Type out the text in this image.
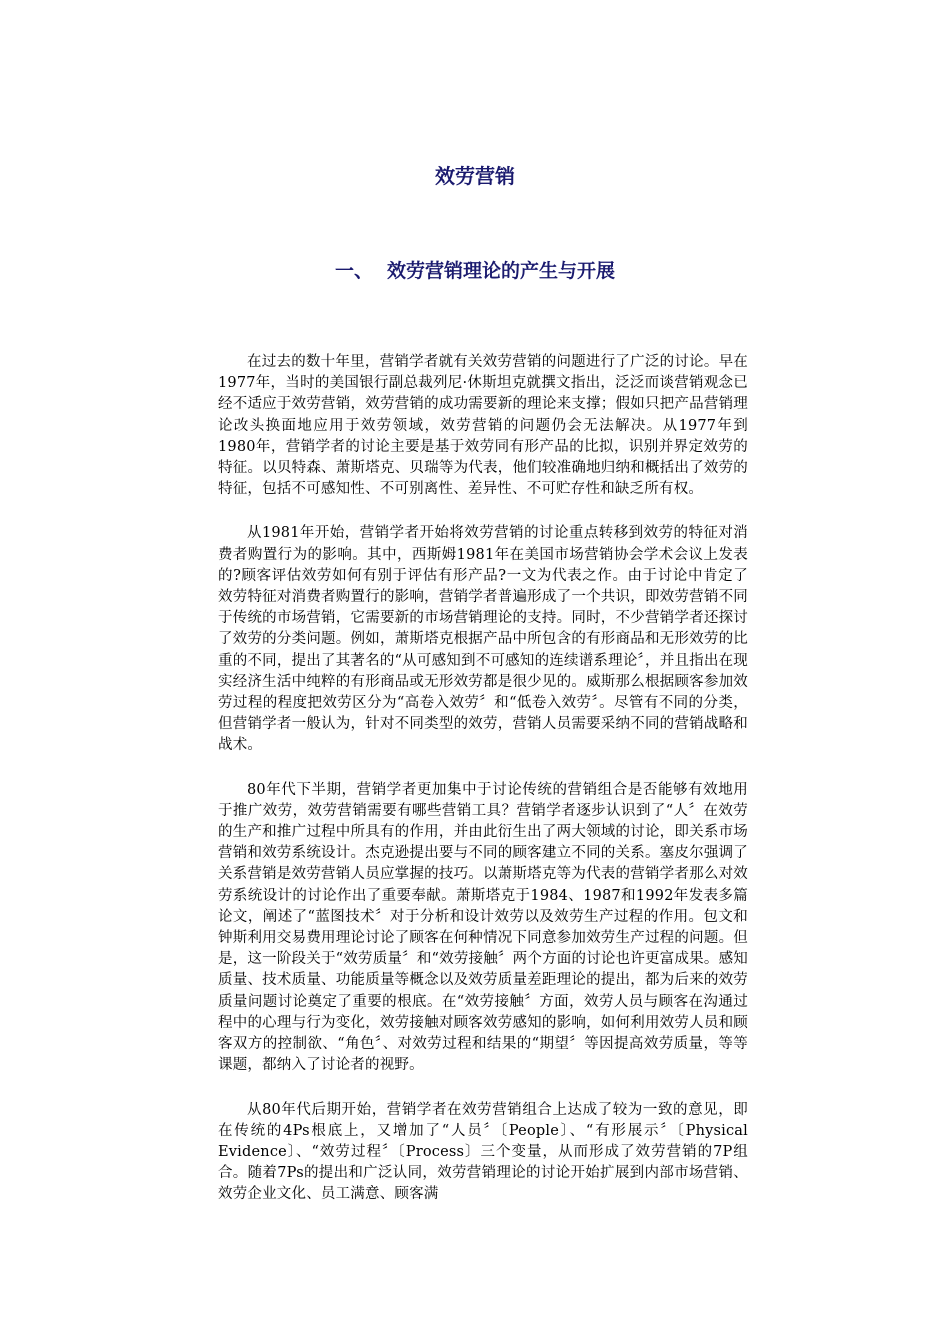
效劳营销
一、 效劳营销理论的产生与开展

在过去的数十年里，营销学者就有关效劳营销的问题进行了广泛的讨论。早在1977年，当时的美国银行副总裁列尼·休斯坦克就撰文指出，泛泛而谈营销观念已经不适应于效劳营销，效劳营销的成功需要新的理论来支撑；假如只把产品营销理论改头换面地应用于效劳领域，效劳营销的问题仍会无法解决。从1977年到1980年，营销学者的讨论主要是基于效劳同有形产品的比拟，识别并界定效劳的特征。以贝特森、萧斯塔克、贝瑞等为代表，他们较准确地归纳和概括出了效劳的特征，包括不可感知性、不可别离性、差异性、不可贮存性和缺乏所有权。

从1981年开始，营销学者开始将效劳营销的讨论重点转移到效劳的特征对消费者购置行为的影响。其中，西斯姆1981年在美国市场营销协会学术会议上发表的?顾客评估效劳如何有别于评估有形产品?一文为代表之作。由于讨论中肯定了效劳特征对消费者购置行的影响，营销学者普遍形成了一个共识，即效劳营销不同于传统的市场营销，它需要新的市场营销理论的支持。同时，不少营销学者还探讨了效劳的分类问题。例如，萧斯塔克根据产品中所包含的有形商品和无形效劳的比重的不同，提出了其著名的“从可感知到不可感知的连续谱系理论〞，并且指出在现实经济生活中纯粹的有形商品或无形效劳都是很少见的。威斯那么根据顾客参加效劳过程的程度把效劳区分为“高卷入效劳〞和“低卷入效劳〞。尽管有不同的分类，但营销学者一般认为，针对不同类型的效劳，营销人员需要采纳不同的营销战略和战术。

80年代下半期，营销学者更加集中于讨论传统的营销组合是否能够有效地用于推广效劳，效劳营销需要有哪些营销工具？营销学者逐步认识到了“人〞在效劳的生产和推广过程中所具有的作用，并由此衍生出了两大领域的讨论，即关系市场营销和效劳系统设计。杰克逊提出要与不同的顾客建立不同的关系。塞皮尔强调了关系营销是效劳营销人员应掌握的技巧。以萧斯塔克等为代表的营销学者那么对效劳系统设计的讨论作出了重要奉献。萧斯塔克于1984、1987和1992年发表多篇论文，阐述了“蓝图技术〞对于分析和设计效劳以及效劳生产过程的作用。包文和钟斯利用交易费用理论讨论了顾客在何种情况下同意参加效劳生产过程的问题。但是，这一阶段关于“效劳质量〞和“效劳接触〞两个方面的讨论也许更富成果。感知质量、技术质量、功能质量等概念以及效劳质量差距理论的提出，都为后来的效劳质量问题讨论奠定了重要的根底。在“效劳接触〞方面，效劳人员与顾客在沟通过程中的心理与行为变化，效劳接触对顾客效劳感知的影响，如何利用效劳人员和顾客双方的控制欲、“角色〞、对效劳过程和结果的“期望〞等因提高效劳质量，等等课题，都纳入了讨论者的视野。

从80年代后期开始，营销学者在效劳营销组合上达成了较为一致的意见，即在传统的4Ps根底上，又增加了“人员〞〔People〕、“有形展示〞〔Physical Evidence〕、“效劳过程〞〔Process〕三个变量，从而形成了效劳营销的7P组合。随着7Ps的提出和广泛认同，效劳营销理论的讨论开始扩展到内部市场营销、效劳企业文化、员工满意、顾客满
